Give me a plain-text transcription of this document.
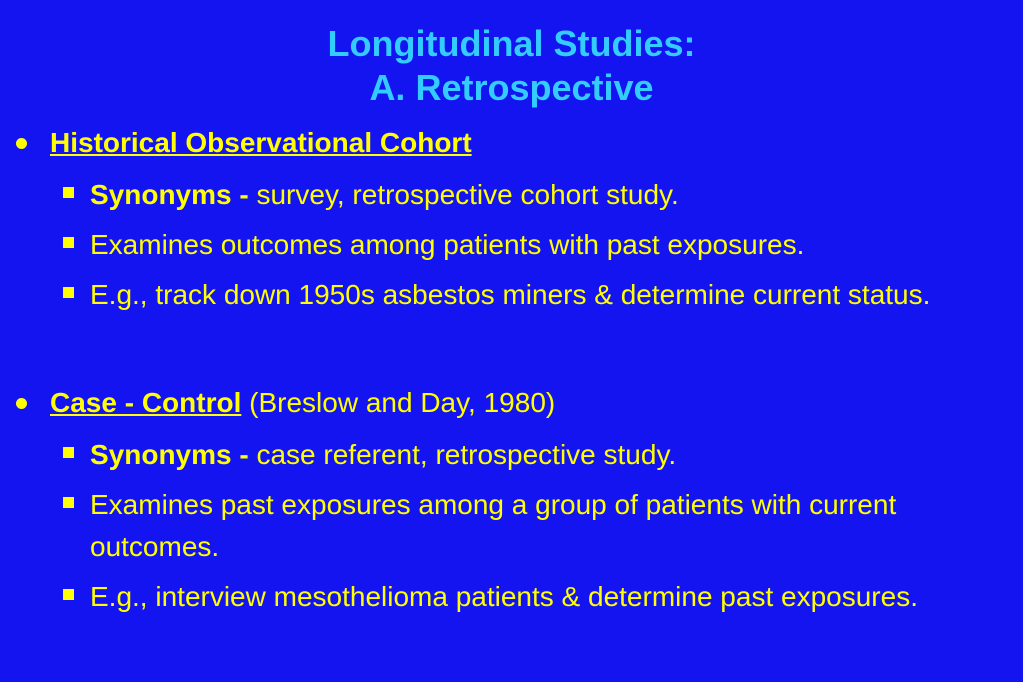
Longitudinal Studies:
A. Retrospective
Historical Observational Cohort
Synonyms - survey, retrospective cohort study.
Examines outcomes among patients with past exposures.
E.g., track down 1950s asbestos miners & determine current status.
Case - Control (Breslow and Day, 1980)
Synonyms - case referent, retrospective study.
Examines past exposures among a group of patients with current outcomes.
E.g., interview mesothelioma patients & determine past exposures.
